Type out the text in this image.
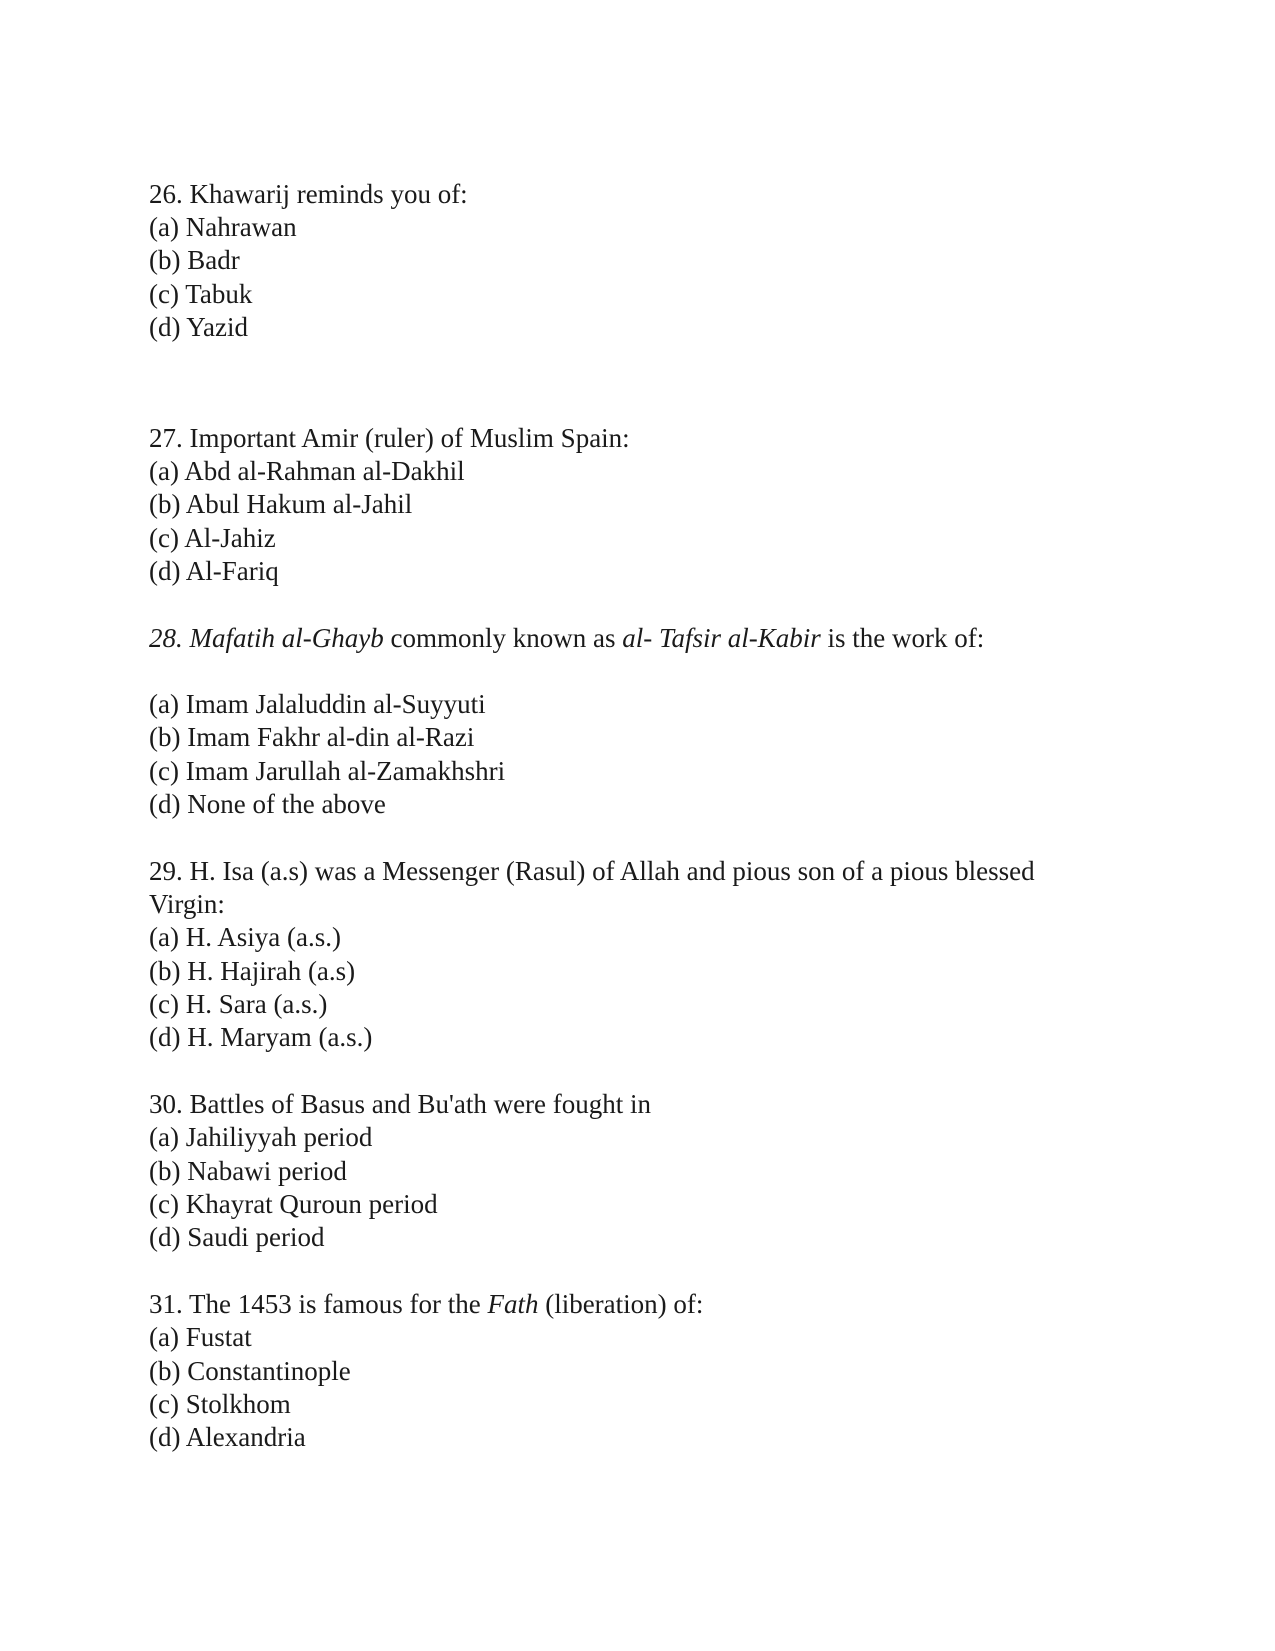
26. Khawarij reminds you of:
(a) Nahrawan
(b) Badr
(c) Tabuk
(d) Yazid
27. Important Amir (ruler) of Muslim Spain:
(a) Abd al-Rahman al-Dakhil
(b) Abul Hakum al-Jahil
(c) Al-Jahiz
(d) Al-Fariq
28. Mafatih al-Ghayb commonly known as al- Tafsir al-Kabir is the work of:
(a) Imam Jalaluddin al-Suyyuti
(b) Imam Fakhr al-din al-Razi
(c) Imam Jarullah al-Zamakhshri
(d) None of the above
29. H. Isa (a.s) was a Messenger (Rasul) of Allah and pious son of a pious blessed Virgin:
(a) H. Asiya (a.s.)
(b) H. Hajirah (a.s)
(c) H. Sara (a.s.)
(d) H. Maryam (a.s.)
30. Battles of Basus and Bu'ath were fought in
(a) Jahiliyyah period
(b) Nabawi period
(c) Khayrat Quroun period
(d) Saudi period
31. The 1453 is famous for the Fath (liberation) of:
(a) Fustat
(b) Constantinople
(c) Stolkhom
(d) Alexandria
